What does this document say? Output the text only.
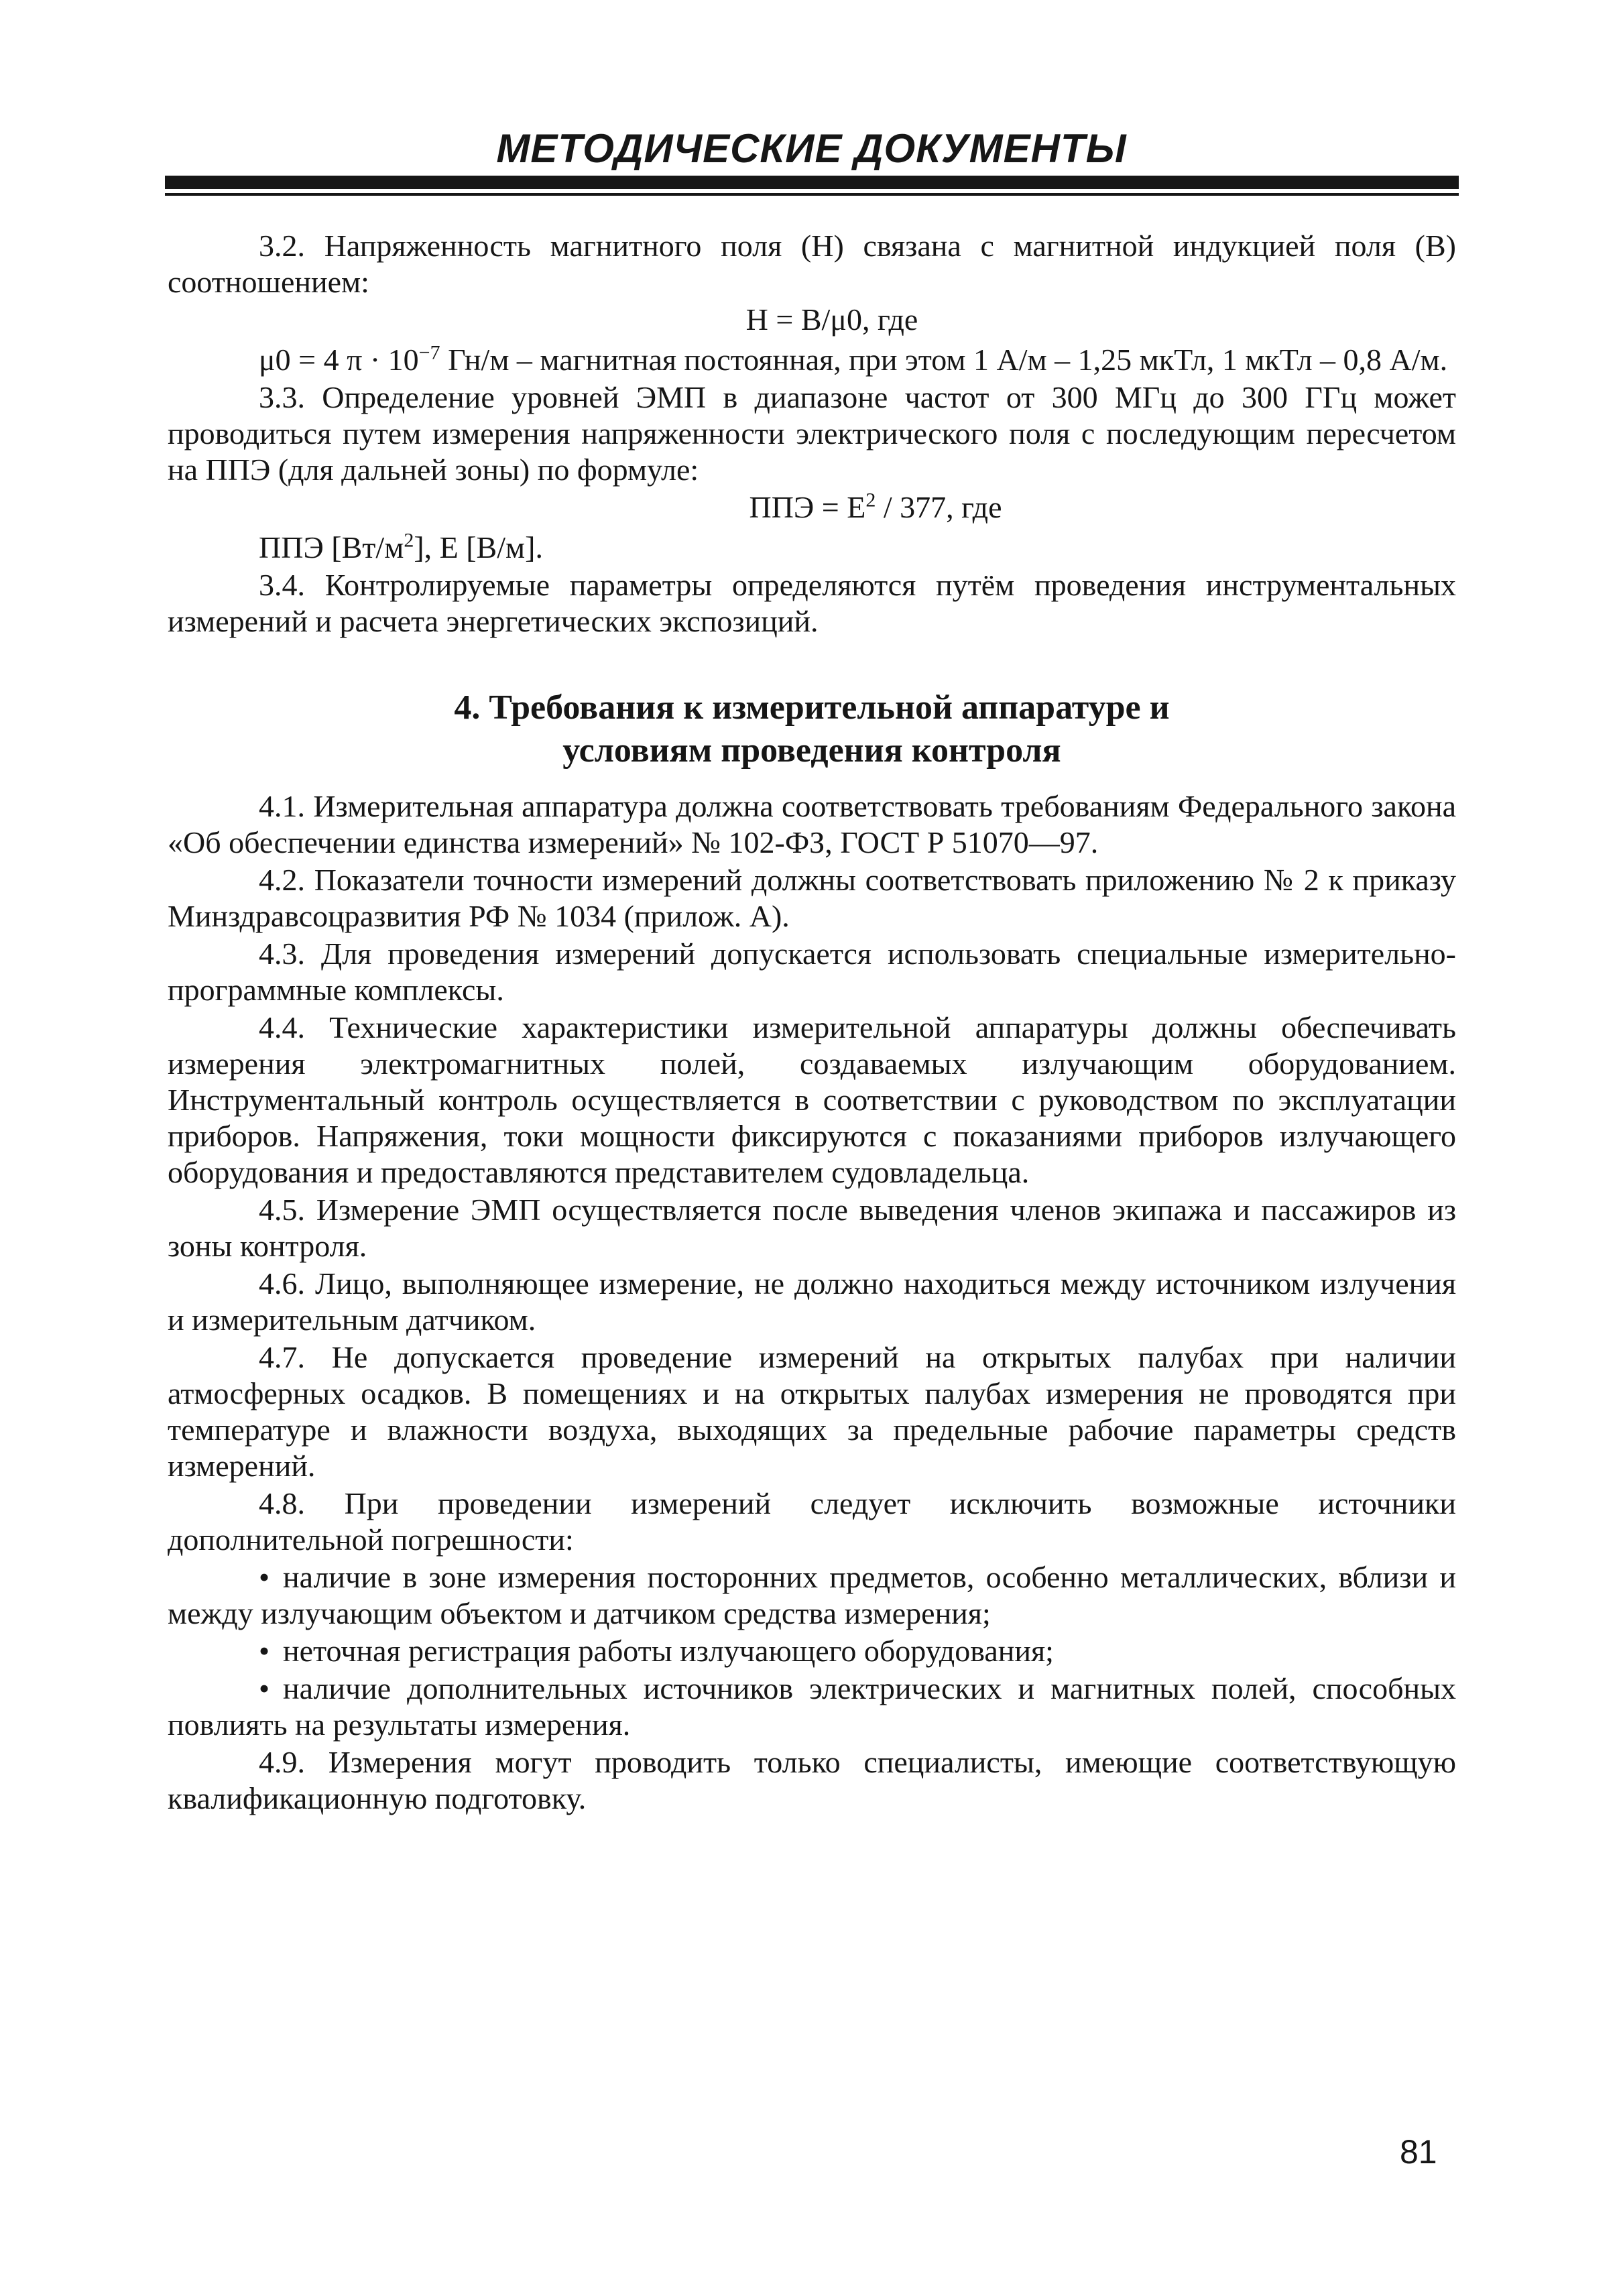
МЕТОДИЧЕСКИЕ ДОКУМЕНТЫ

3.2. Напряженность магнитного поля (H) связана с магнитной индукцией поля (B) соотношением:

H = B/μ0, где

μ0 = 4 $\pi \cdot 10^{-7}$ Гн/м – магнитная постоянная, при этом 1 А/м – 1,25 мкТл, 1 мкТл – 0,8 А/м.

3.3. Определение уровней ЭМП в диапазоне частот от 300 МГц до 300 ГГц может проводиться путем измерения напряженности электрического поля с последующим пересчетом на ППЭ (для дальней зоны) по формуле:

ППЭ = $E^2 / 377$, где

ППЭ $[Вт/м^2]$, E [В/м].

3.4. Контролируемые параметры определяются путём проведения инструментальных измерений и расчета энергетических экспозиций.

4. Требования к измерительной аппаратуре и
условиям проведения контроля

4.1. Измерительная аппаратура должна соответствовать требованиям Федерального закона «Об обеспечении единства измерений» № 102-ФЗ, ГОСТ Р 51070—97.

4.2. Показатели точности измерений должны соответствовать приложению № 2 к приказу Минздравсоцразвития РФ № 1034 (прилож. А).

4.3. Для проведения измерений допускается использовать специальные измерительно-программные комплексы.

4.4. Технические характеристики измерительной аппаратуры должны обеспечивать измерения электромагнитных полей, создаваемых излучающим оборудованием. Инструментальный контроль осуществляется в соответствии с руководством по эксплуатации приборов. Напряжения, токи мощности фиксируются с показаниями приборов излучающего оборудования и предоставляются представителем судовладельца.

4.5. Измерение ЭМП осуществляется после выведения членов экипажа и пассажиров из зоны контроля.

4.6. Лицо, выполняющее измерение, не должно находиться между источником излучения и измерительным датчиком.

4.7. Не допускается проведение измерений на открытых палубах при наличии атмосферных осадков. В помещениях и на открытых палубах измерения не проводятся при температуре и влажности воздуха, выходящих за предельные рабочие параметры средств измерений.

4.8. При проведении измерений следует исключить возможные источники дополнительной погрешности:

• наличие в зоне измерения посторонних предметов, особенно металлических, вблизи и между излучающим объектом и датчиком средства измерения;

• неточная регистрация работы излучающего оборудования;

• наличие дополнительных источников электрических и магнитных полей, способных повлиять на результаты измерения.

4.9. Измерения могут проводить только специалисты, имеющие соответствующую квалификационную подготовку.

81
